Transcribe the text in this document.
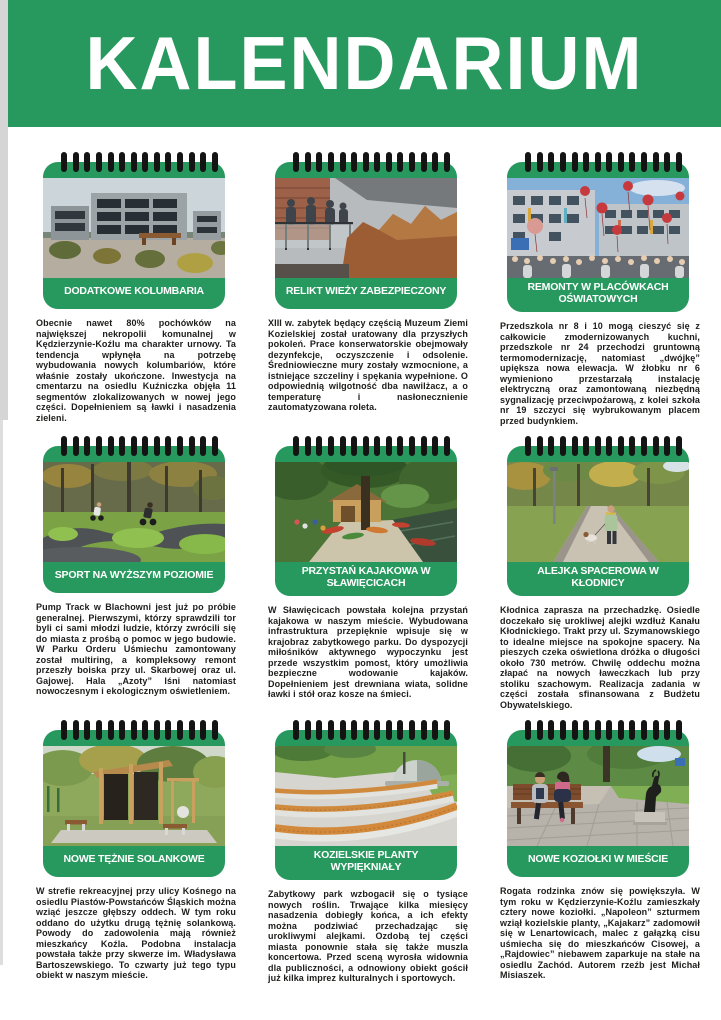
KALENDARIUM
DODATKOWE KOLUMBARIA

Obecnie nawet 80% pochówków na największej nekropolii komunalnej w Kędzierzynie-Koźlu ma charakter urnowy. Ta tendencja wpłynęła na potrzebę wybudowania nowych kolumbariów, które właśnie zostały ukończone. Inwestycja na cmentarzu na osiedlu Kuźniczka objęła 11 segmentów zlokalizowanych w nowej jego części. Dopełnieniem są ławki i nasadzenia zieleni.

RELIKT WIEŻY ZABEZPIECZONY

XIII w. zabytek będący częścią Muzeum Ziemi Kozielskiej został uratowany dla przyszłych pokoleń. Prace konserwatorskie obejmowały dezynfekcje, oczyszczenie i odsolenie. Średniowieczne mury zostały wzmocnione, a istniejące szczeliny i spękania wypełnione. O odpowiednią wilgotność dba nawilżacz, a o temperaturę i nasłonecznienie zautomatyzowana roleta.

REMONTY W PLACÓWKACH OŚWIATOWYCH

Przedszkola nr 8 i 10 mogą cieszyć się z całkowicie zmodernizowanych kuchni, przedszkole nr 24 przechodzi gruntowną termomodernizację, natomiast „dwójkę” upiększa nowa elewacja. W żłobku nr 6 wymieniono przestarzałą instalację elektryczną oraz zamontowaną niezbędną sygnalizację przeciwpożarową, z kolei szkoła nr 19 szczyci się wybrukowanym placem przed budynkiem.

SPORT NA WYŻSZYM POZIOMIE

Pump Track w Blachowni jest już po próbie generalnej. Pierwszymi, którzy sprawdzili tor byli ci sami młodzi ludzie, którzy zwrócili się do miasta z prośbą o pomoc w jego budowie. W Parku Orderu Uśmiechu zamontowany został multiring, a kompleksowy remont przeszły boiska przy ul. Skarbowej oraz ul. Gajowej. Hala „Azoty” lśni natomiast nowoczesnym i ekologicznym oświetleniem.

PRZYSTAŃ KAJAKOWA W SŁAWIĘCICACH

W Sławięcicach powstała kolejna przystań kajakowa w naszym mieście. Wybudowana infrastruktura przepięknie wpisuje się w krajobraz zabytkowego parku. Do dyspozycji miłośników aktywnego wypoczynku jest przede wszystkim pomost, który umożliwia bezpieczne wodowanie kajaków. Dopełnieniem jest drewniana wiata, solidne ławki i stół oraz kosze na śmieci.

ALEJKA SPACEROWA W KŁODNICY

Kłodnica zaprasza na przechadzkę. Osiedle doczekało się urokliwej alejki wzdłuż Kanału Kłodnickiego. Trakt przy ul. Szymanowskiego to idealne miejsce na spokojne spacery. Na pieszych czeka oświetlona dróżka o długości około 730 metrów. Chwilę oddechu można złapać na nowych ławeczkach lub przy stoliku szachowym. Realizacja zadania w części została sfinansowana z Budżetu Obywatelskiego.

NOWE TĘŻNIE SOLANKOWE

W strefie rekreacyjnej przy ulicy Kośnego na osiedlu Piastów-Powstańców Śląskich można wziąć jeszcze głębszy oddech. W tym roku oddano do użytku drugą tężnię solankową. Powody do zadowolenia mają również mieszkańcy Koźla. Podobna instalacja powstała także przy skwerze im. Władysława Bartoszewskiego. To czwarty już tego typu obiekt w naszym mieście.

KOZIELSKIE PLANTY WYPIĘKNIAŁY

Zabytkowy park wzbogacił się o tysiące nowych roślin. Trwające kilka miesięcy nasadzenia dobiegły końca, a ich efekty można podziwiać przechadzając się urokliwymi alejkami. Ozdobą tej części miasta ponownie stała się także muszla koncertowa. Przed sceną wyrosła widownia dla publiczności, a odnowiony obiekt gościł już kilka imprez kulturalnych i sportowych.

NOWE KOZIOŁKI W MIEŚCIE

Rogata rodzinka znów się powiększyła. W tym roku w Kędzierzynie-Koźlu zamieszkały cztery nowe koziołki. „Napoleon” szturmem wziął kozielskie planty, „Kajakarz” zadomowił się w Lenartowicach, malec z gałązką cisu uśmiecha się do mieszkańców Cisowej, a „Rajdowiec” niebawem zaparkuje na stałe na osiedlu Zachód. Autorem rzeźb jest Michał Misiaszek.
